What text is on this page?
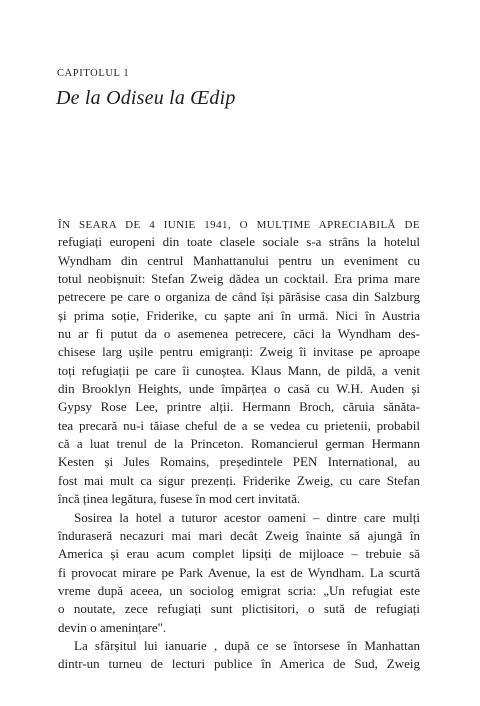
CAPITOLUL 1
De la Odiseu la Œdip
ÎN SEARA DE 4 IUNIE 1941, O MULȚIME APRECIABILĂ DE
refugiați europeni din toate clasele sociale s-a strâns la hotelul
Wyndham din centrul Manhattanului pentru un eveniment cu
totul neobișnuit: Stefan Zweig dădea un cocktail. Era prima mare
petrecere pe care o organiza de când își părăsise casa din Salzburg
și prima soție, Friderike, cu șapte ani în urmă. Nici în Austria
nu ar fi putut da o asemenea petrecere, căci la Wyndham des-
chisese larg ușile pentru emigranți: Zweig îi invitase pe aproape
toți refugiații pe care îi cunoștea. Klaus Mann, de pildă, a venit
din Brooklyn Heights, unde împărțea o casă cu W.H. Auden și
Gypsy Rose Lee, printre alții. Hermann Broch, căruia sănăta-
tea precară nu-i tăiase cheful de a se vedea cu prietenii, probabil
că a luat trenul de la Princeton. Romancierul german Hermann
Kesten și Jules Romains, președintele PEN International, au
fost mai mult ca sigur prezenți. Friderike Zweig, cu care Stefan
încă ținea legătura, fusese în mod cert invitată.
Sosirea la hotel a tuturor acestor oameni – dintre care mulți
înduraseră necazuri mai mari decât Zweig înainte să ajungă în
America și erau acum complet lipsiți de mijloace – trebuie să
fi provocat mirare pe Park Avenue, la est de Wyndham. La scurtă
vreme după aceea, un sociolog emigrat scria: „Un refugiat este
o noutate, zece refugiați sunt plictisitori, o sută de refugiați
devin o amenințare".
La sfârșitul lui ianuarie , după ce se întorsese în Manhattan
dintr-un turneu de lecturi publice în America de Sud, Zweig
